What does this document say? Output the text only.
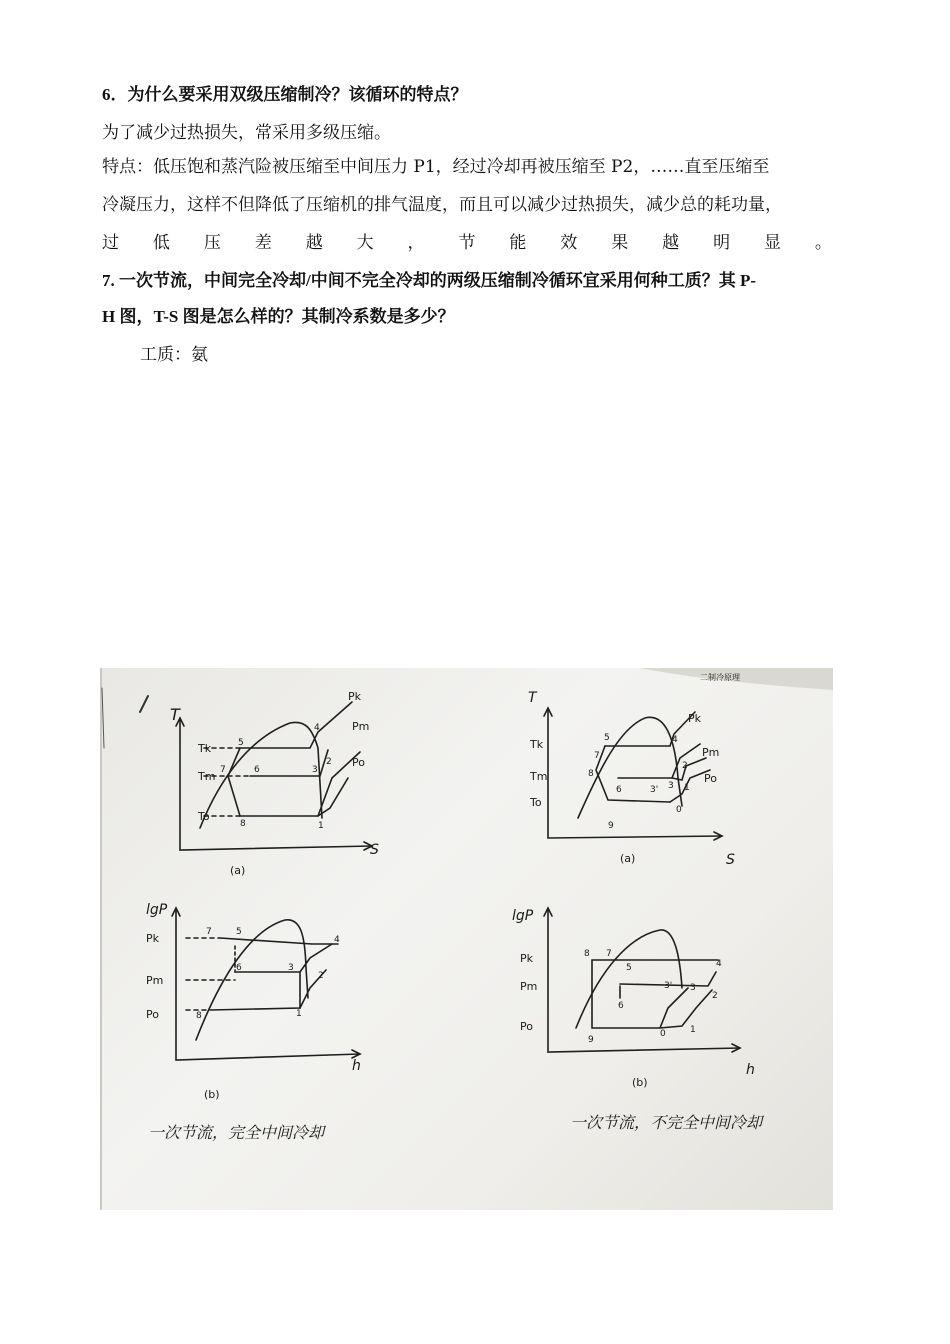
6．为什么要采用双级压缩制冷？该循环的特点？
为了减少过热损失，常采用多级压缩。
特点：低压饱和蒸汽险被压缩至中间压力 P1，经过冷却再被压缩至 P2，……直至压缩至
冷凝压力，这样不但降低了压缩机的排气温度，而且可以减少过热损失，减少总的耗功量，
过 低 压 差 越 大 ， 节 能 效 果 越 明 显 。
7. 一次节流，中间完全冷却/中间不完全冷却的两级压缩制冷循环宜采用何种工质？其 P-
H 图，T-S 图是怎么样的？其制冷系数是多少？
工质：氨
二制冷原理
T
S
Tk
Tm
To
Pk
Pm
Po
5
4
6
7
2
3
8	1
(a)
T
S
Tk
Tm
To
Pk
Pm
Po
5	4
7
8
6	3' 3
2
1
9
0
(a)
lgP
h
Pk
Pm
Po
7	5
4
6	3
2
8	1
(b)
一次节流，完全中间冷却
lgP
h
Pk
Pm
Po
8 7
5	4
6
3' 3
2
9
0	1
(b)
一次节流，不完全中间冷却
